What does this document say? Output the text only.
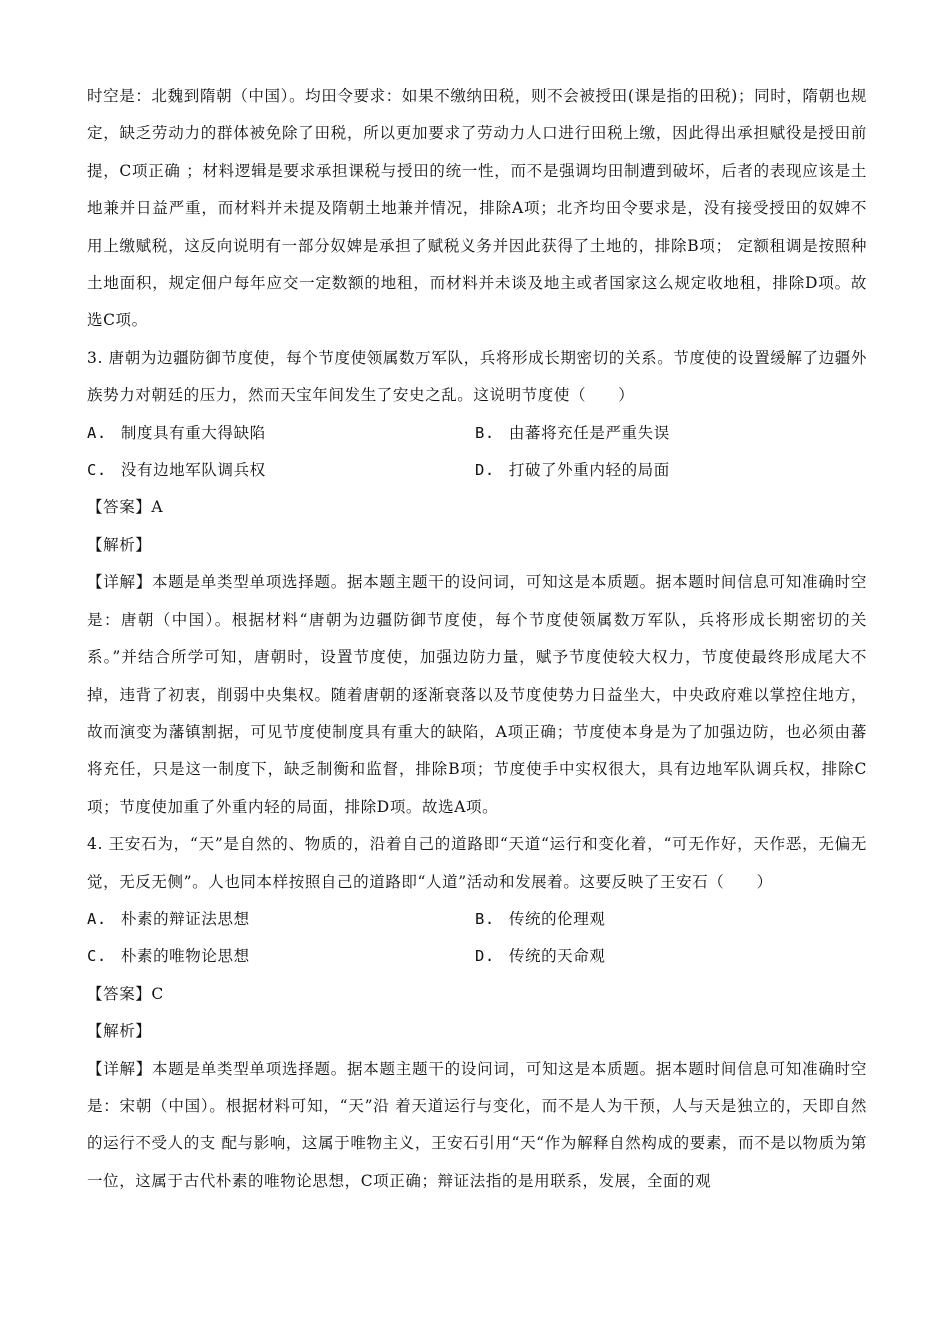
时空是：北魏到隋朝（中国）。均田令要求：如果不缴纳田税，则不会被授田(课是指的田税)；同时，隋朝也规定，缺乏劳动力的群体被免除了田税，所以更加要求了劳动力人口进行田税上缴，因此得出承担赋役是授田前提，C项正确 ；材料逻辑是要求承担课税与授田的统一性，而不是强调均田制遭到破坏，后者的表现应该是土地兼并日益严重，而材料并未提及隋朝土地兼并情况，排除A项；北齐均田令要求是，没有接受授田的奴婢不用上缴赋税，这反向说明有一部分奴婢是承担了赋税义务并因此获得了土地的，排除B项； 定额租调是按照种土地面积，规定佃户每年应交一定数额的地租，而材料并未谈及地主或者国家这么规定收地租，排除D项。故选C项。

3. 唐朝为边疆防御节度使，每个节度使领属数万军队，兵将形成长期密切的关系。节度使的设置缓解了边疆外族势力对朝廷的压力，然而天宝年间发生了安史之乱。这说明节度使（　　）

A. 制度具有重大得缺陷	B. 由蕃将充任是严重失误
C. 没有边地军队调兵权	D. 打破了外重内轻的局面

【答案】A

【解析】

【详解】本题是单类型单项选择题。据本题主题干的设问词，可知这是本质题。据本题时间信息可知准确时空是：唐朝（中国）。根据材料“唐朝为边疆防御节度使，每个节度使领属数万军队，兵将形成长期密切的关系。”并结合所学可知，唐朝时，设置节度使，加强边防力量，赋予节度使较大权力，节度使最终形成尾大不掉，违背了初衷，削弱中央集权。随着唐朝的逐渐衰落以及节度使势力日益坐大，中央政府难以掌控住地方，故而演变为藩镇割据，可见节度使制度具有重大的缺陷，A项正确；节度使本身是为了加强边防，也必须由蕃将充任，只是这一制度下，缺乏制衡和监督，排除B项；节度使手中实权很大，具有边地军队调兵权，排除C项；节度使加重了外重内轻的局面，排除D项。故选A项。

4. 王安石为，“天”是自然的、物质的，沿着自己的道路即“天道“运行和变化着，“可无作好，天作恶，无偏无觉，无反无侧”。人也同本样按照自己的道路即“人道”活动和发展着。这要反映了王安石（　　）

A. 朴素的辩证法思想	B. 传统的伦理观
C. 朴素的唯物论思想	D. 传统的天命观

【答案】C

【解析】

【详解】本题是单类型单项选择题。据本题主题干的设问词，可知这是本质题。据本题时间信息可知准确时空是：宋朝（中国）。根据材料可知，“天”沿 着天道运行与变化，而不是人为干预，人与天是独立的，天即自然的运行不受人的支 配与影响，这属于唯物主义，王安石引用“天“作为解释自然构成的要素，而不是以物质为第一位，这属于古代朴素的唯物论思想，C项正确；辩证法指的是用联系，发展，全面的观
